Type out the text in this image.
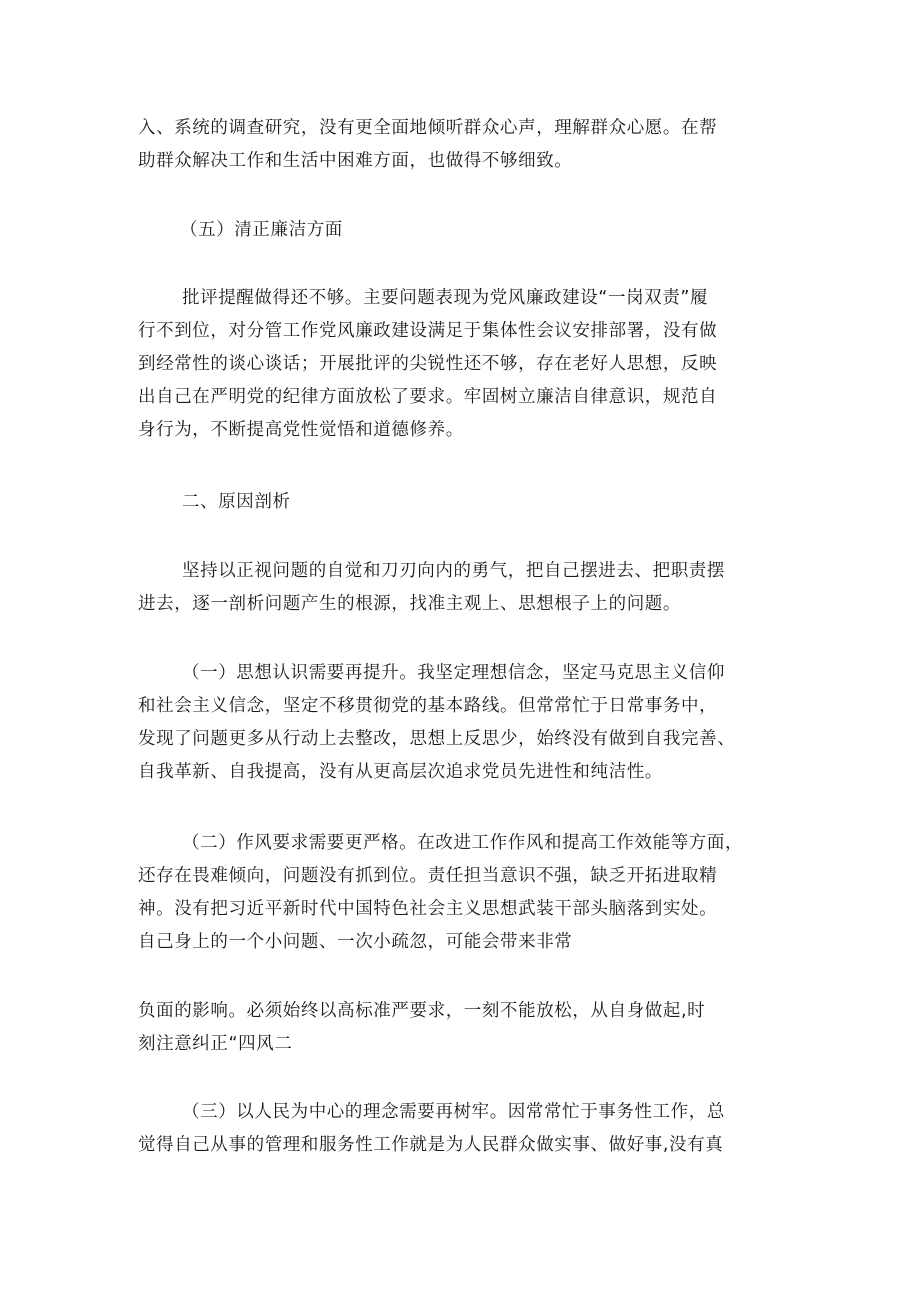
入、系统的调查研究，没有更全面地倾听群众心声，理解群众心愿。在帮
助群众解决工作和生活中困难方面，也做得不够细致。
（五）清正廉洁方面
批评提醒做得还不够。主要问题表现为党风廉政建设“一岗双责”履
行不到位，对分管工作党风廉政建设满足于集体性会议安排部署，没有做
到经常性的谈心谈话；开展批评的尖锐性还不够，存在老好人思想，反映
出自己在严明党的纪律方面放松了要求。牢固树立廉洁自律意识，规范自
身行为，不断提高党性觉悟和道德修养。
二、原因剖析
坚持以正视问题的自觉和刀刃向内的勇气，把自己摆进去、把职责摆
进去，逐一剖析问题产生的根源，找准主观上、思想根子上的问题。
（一）思想认识需要再提升。我坚定理想信念，坚定马克思主义信仰
和社会主义信念，坚定不移贯彻党的基本路线。但常常忙于日常事务中，
发现了问题更多从行动上去整改，思想上反思少，始终没有做到自我完善、
自我革新、自我提高，没有从更高层次追求党员先进性和纯洁性。
（二）作风要求需要更严格。在改进工作作风和提高工作效能等方面，
还存在畏难倾向，问题没有抓到位。责任担当意识不强，缺乏开拓进取精
神。没有把习近平新时代中国特色社会主义思想武装干部头脑落到实处。
自己身上的一个小问题、一次小疏忽，可能会带来非常
负面的影响。必须始终以高标准严要求，一刻不能放松，从自身做起,时
刻注意纠正“四风二
（三）以人民为中心的理念需要再树牢。因常常忙于事务性工作，总
觉得自己从事的管理和服务性工作就是为人民群众做实事、做好事,没有真
